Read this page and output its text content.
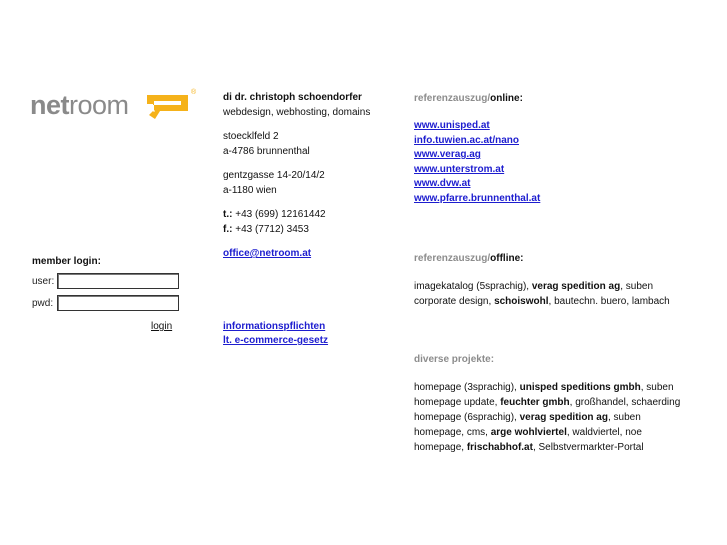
netroom	®
member login:
user:
pwd:
login
di dr. christoph schoendorfer
webdesign, webhosting, domains
stoecklfeld 2
a-4786 brunnenthal
gentzgasse 14-20/14/2
a-1180 wien
t.: +43 (699) 12161442
f.: +43 (7712) 3453
office@netroom.at
informationspflichten
lt. e-commerce-gesetz
referenzauszug/online:
www.unisped.at
info.tuwien.ac.at/nano
www.verag.ag
www.unterstrom.at
www.dvw.at
www.pfarre.brunnenthal.at
referenzauszug/offline:
imagekatalog (5sprachig), verag spedition ag, suben
corporate design, schoiswohl, bautechn. buero, lambach
diverse projekte:
homepage (3sprachig), unisped speditions gmbh, suben
homepage update, feuchter gmbh, großhandel, schaerding
homepage (6sprachig), verag spedition ag, suben
homepage, cms, arge wohlviertel, waldviertel, noe
homepage, frischabhof.at, Selbstvermarkter-Portal
